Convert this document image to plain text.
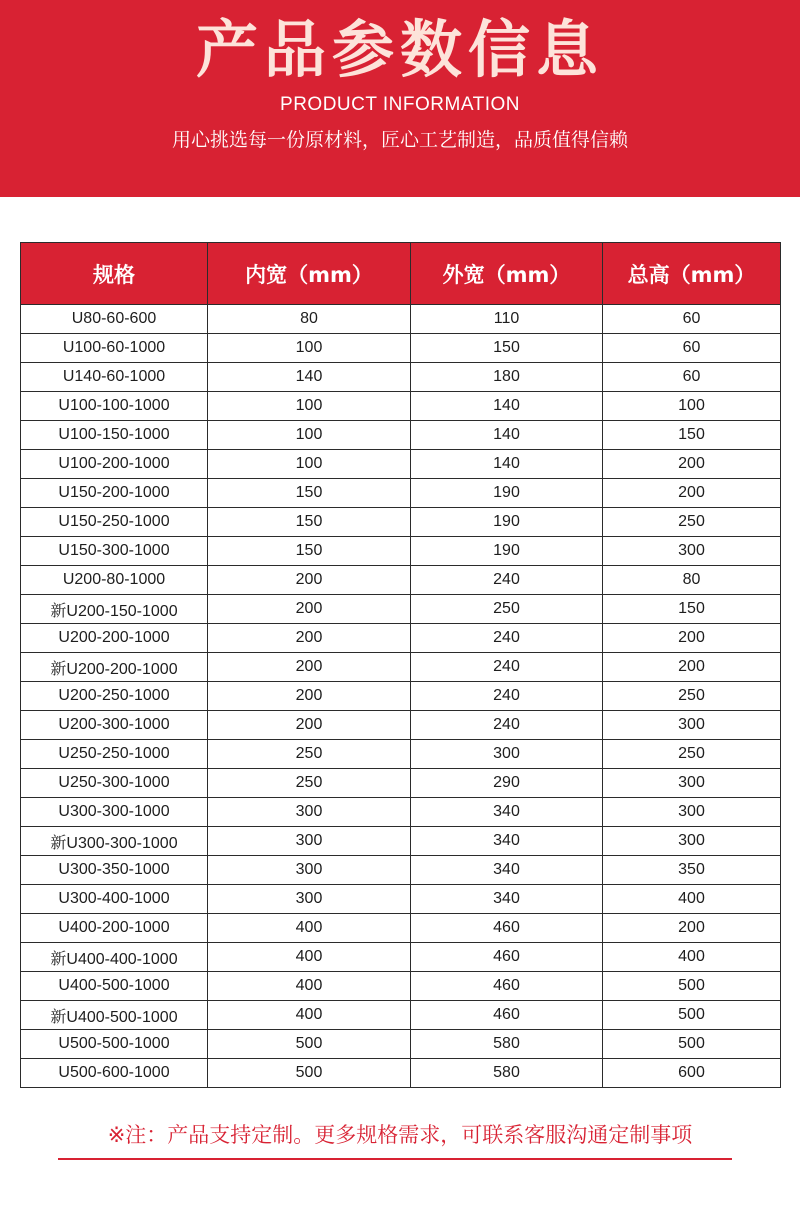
产品参数信息
PRODUCT INFORMATION
用心挑选每一份原材料，匠心工艺制造，品质值得信赖
规格	内宽（mm）	外宽（mm）	总高（mm）
U80-60-600	80	110	60
U100-60-1000	100	150	60
U140-60-1000	140	180	60
U100-100-1000	100	140	100
U100-150-1000	100	140	150
U100-200-1000	100	140	200
U150-200-1000	150	190	200
U150-250-1000	150	190	250
U150-300-1000	150	190	300
U200-80-1000	200	240	80
新U200-150-1000	200	250	150
U200-200-1000	200	240	200
新U200-200-1000	200	240	200
U200-250-1000	200	240	250
U200-300-1000	200	240	300
U250-250-1000	250	300	250
U250-300-1000	250	290	300
U300-300-1000	300	340	300
新U300-300-1000	300	340	300
U300-350-1000	300	340	350
U300-400-1000	300	340	400
U400-200-1000	400	460	200
新U400-400-1000	400	460	400
U400-500-1000	400	460	500
新U400-500-1000	400	460	500
U500-500-1000	500	580	500
U500-600-1000	500	580	600
※注：产品支持定制。更多规格需求，可联系客服沟通定制事项
